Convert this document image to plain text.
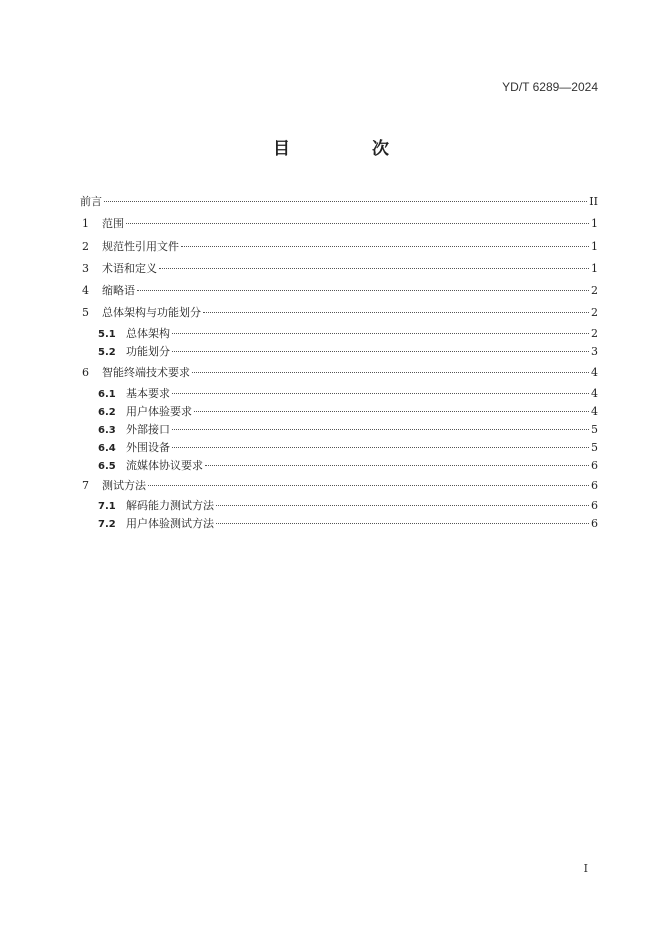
YD/T 6289—2024
目 次
前言	II
1	范围	1
2	规范性引用文件	1
3	术语和定义	1
4	缩略语	2
5	总体架构与功能划分	2
5.1 总体架构	2
5.2 功能划分	3
6	智能终端技术要求	4
6.1 基本要求	4
6.2 用户体验要求	4
6.3 外部接口	5
6.4 外围设备	5
6.5 流媒体协议要求	6
7	测试方法	6
7.1 解码能力测试方法	6
7.2 用户体验测试方法	6
I
